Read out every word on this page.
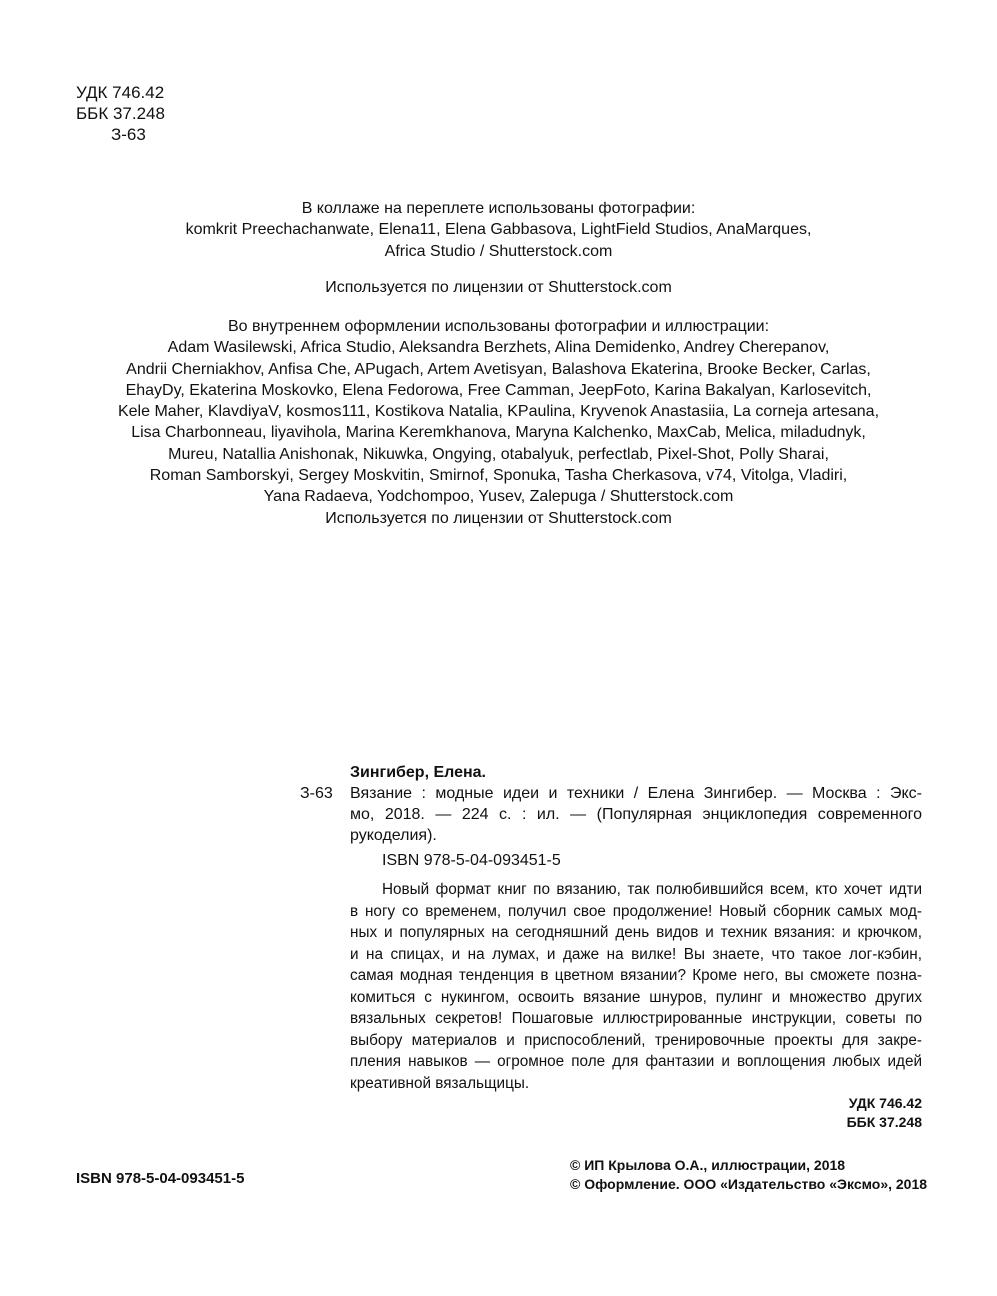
УДК 746.42
ББК 37.248
З-63
В коллаже на переплете использованы фотографии:
komkrit Preechachanwate, Elena11, Elena Gabbasova, LightField Studios, AnaMarques,
Africa Studio / Shutterstock.com
Используется по лицензии от Shutterstock.com
Во внутреннем оформлении использованы фотографии и иллюстрации:
Adam Wasilewski, Africa Studio, Aleksandra Berzhets, Alina Demidenko, Andrey Cherepanov,
Andrii Cherniakhov, Anfisa Che, APugach, Artem Avetisyan, Balashova Ekaterina, Brooke Becker, Carlas,
EhayDy, Ekaterina Moskovko, Elena Fedorowa, Free Camman, JeepFoto, Karina Bakalyan, Karlosevitch,
Kele Maher, KlavdiyaV, kosmos111, Kostikova Natalia, KPaulina, Kryvenok Anastasiia, La corneja artesana,
Lisa Charbonneau, liyavihola, Marina Keremkhanova, Maryna Kalchenko, MaxCab, Melica, miladudnyk,
Mureu, Natallia Anishonak, Nikuwka, Ongying, otabalyuk, perfectlab, Pixel-Shot, Polly Sharai,
Roman Samborskyi, Sergey Moskvitin, Smirnof, Sponuka, Tasha Cherkasova, v74, Vitolga, Vladiri,
Yana Radaeva, Yodchompoo, Yusev, Zalepuga / Shutterstock.com
Используется по лицензии от Shutterstock.com
Зингибер, Елена.
З-63 Вязание : модные идеи и техники / Елена Зингибер. — Москва : Экс-
мо, 2018. — 224 с. : ил. — (Популярная энциклопедия современного
рукоделия).
ISBN 978-5-04-093451-5
Новый формат книг по вязанию, так полюбившийся всем, кто хочет идти
в ногу со временем, получил свое продолжение! Новый сборник самых мод-
ных и популярных на сегодняшний день видов и техник вязания: и крючком,
и на спицах, и на лумах, и даже на вилке! Вы знаете, что такое лог-кэбин,
самая модная тенденция в цветном вязании? Кроме него, вы сможете позна-
комиться с нукингом, освоить вязание шнуров, пулинг и множество других
вязальных секретов! Пошаговые иллюстрированные инструкции, советы по
выбору материалов и приспособлений, тренировочные проекты для закре-
пления навыков — огромное поле для фантазии и воплощения любых идей
креативной вязальщицы.
УДК 746.42
ББК 37.248
ISBN 978-5-04-093451-5
© ИП Крылова О.А., иллюстрации, 2018
© Оформление. ООО «Издательство «Эксмо», 2018
